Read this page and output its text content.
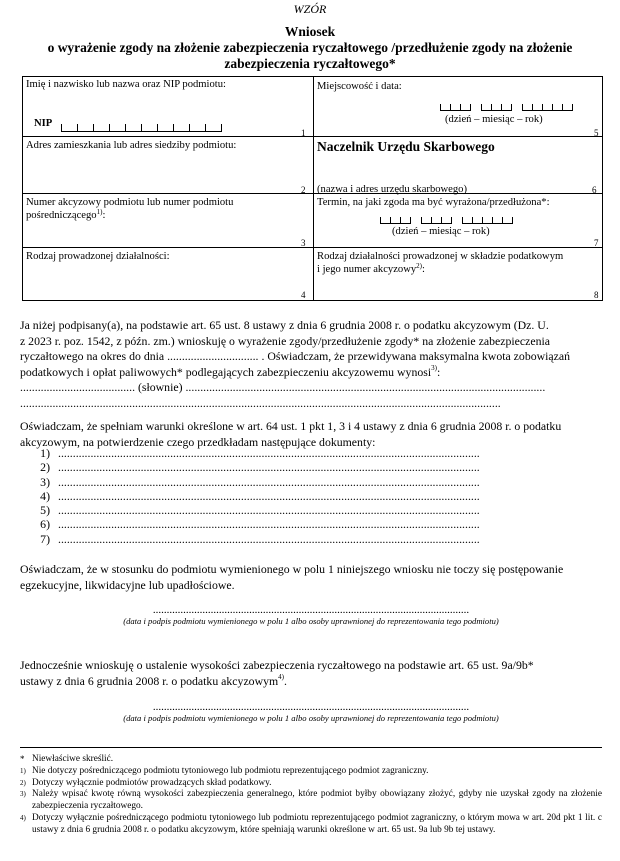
WZÓR
Wniosek
o wyrażenie zgody na złożenie zabezpieczenia ryczałtowego /przedłużenie zgody na złożenie
zabezpieczenia ryczałtowego*
Imię i nazwisko lub nazwa oraz NIP podmiotu:
NIP
1
Miejscowość i data:
(dzień – miesiąc – rok)
5
Adres zamieszkania lub adres siedziby podmiotu:
2
Naczelnik Urzędu Skarbowego
(nazwa i adres urzędu skarbowego)	6
Numer akcyzowy podmiotu lub numer podmiotu
pośredniczącego$^{1)}$:
3
Termin, na jaki zgoda ma być wyrażona/przedłużona*:
(dzień – miesiąc – rok)
7
Rodzaj prowadzonej działalności:
4
Rodzaj działalności prowadzonej w składzie podatkowym
i jego numer akcyzowy$^{2)}$:
8
Ja niżej podpisany(a), na podstawie art. 65 ust. 8 ustawy z dnia 6 grudnia 2008 r. o podatku akcyzowym (Dz. U.
z 2023 r. poz. 1542, z późn. zm.) wnioskuję o wyrażenie zgody/przedłużenie zgody* na złożenie zabezpieczenia
ryczałtowego na okres do dnia ............................... . Oświadczam, że przewidywana maksymalna kwota zobowiązań
podatkowych i opłat paliwowych* podlegających zabezpieczeniu akcyzowemu wynosi$^{3)}$:
....................................... (słownie) ..........................................................................................................................
...................................................................................................................................................................
Oświadczam, że spełniam warunki określone w art. 64 ust. 1 pkt 1, 3 i 4 ustawy z dnia 6 grudnia 2008 r. o podatku
akcyzowym, na potwierdzenie czego przedkładam następujące dokumenty:
1) ...............................................................................................................................................
2) ...............................................................................................................................................
3) ...............................................................................................................................................
4) ...............................................................................................................................................
5) ...............................................................................................................................................
6) ...............................................................................................................................................
7) ...............................................................................................................................................
Oświadczam, że w stosunku do podmiotu wymienionego w polu 1 niniejszego wniosku nie toczy się postępowanie
egzekucyjne, likwidacyjne lub upadłościowe.
...................................................................................................................
(data i podpis podmiotu wymienionego w polu 1 albo osoby uprawnionej do reprezentowania tego podmiotu)
Jednocześnie wnioskuję o ustalenie wysokości zabezpieczenia ryczałtowego na podstawie art. 65 ust. 9a/9b*
ustawy z dnia 6 grudnia 2008 r. o podatku akcyzowym$^{4)}$.
...................................................................................................................
(data i podpis podmiotu wymienionego w polu 1 albo osoby uprawnionej do reprezentowania tego podmiotu)
* Niewłaściwe skreślić.
1) Nie dotyczy pośredniczącego podmiotu tytoniowego lub podmiotu reprezentującego podmiot zagraniczny.
2) Dotyczy wyłącznie podmiotów prowadzących skład podatkowy.
3) Należy wpisać kwotę równą wysokości zabezpieczenia generalnego, które podmiot byłby obowiązany złożyć, gdyby nie uzyskał zgody na złożenie zabezpieczenia ryczałtowego.
4) Dotyczy wyłącznie pośredniczącego podmiotu tytoniowego lub podmiotu reprezentującego podmiot zagraniczny, o którym mowa w art. 20d pkt 1 lit. c ustawy z dnia 6 grudnia 2008 r. o podatku akcyzowym, które spełniają warunki określone w art. 65 ust. 9a lub 9b tej ustawy.
